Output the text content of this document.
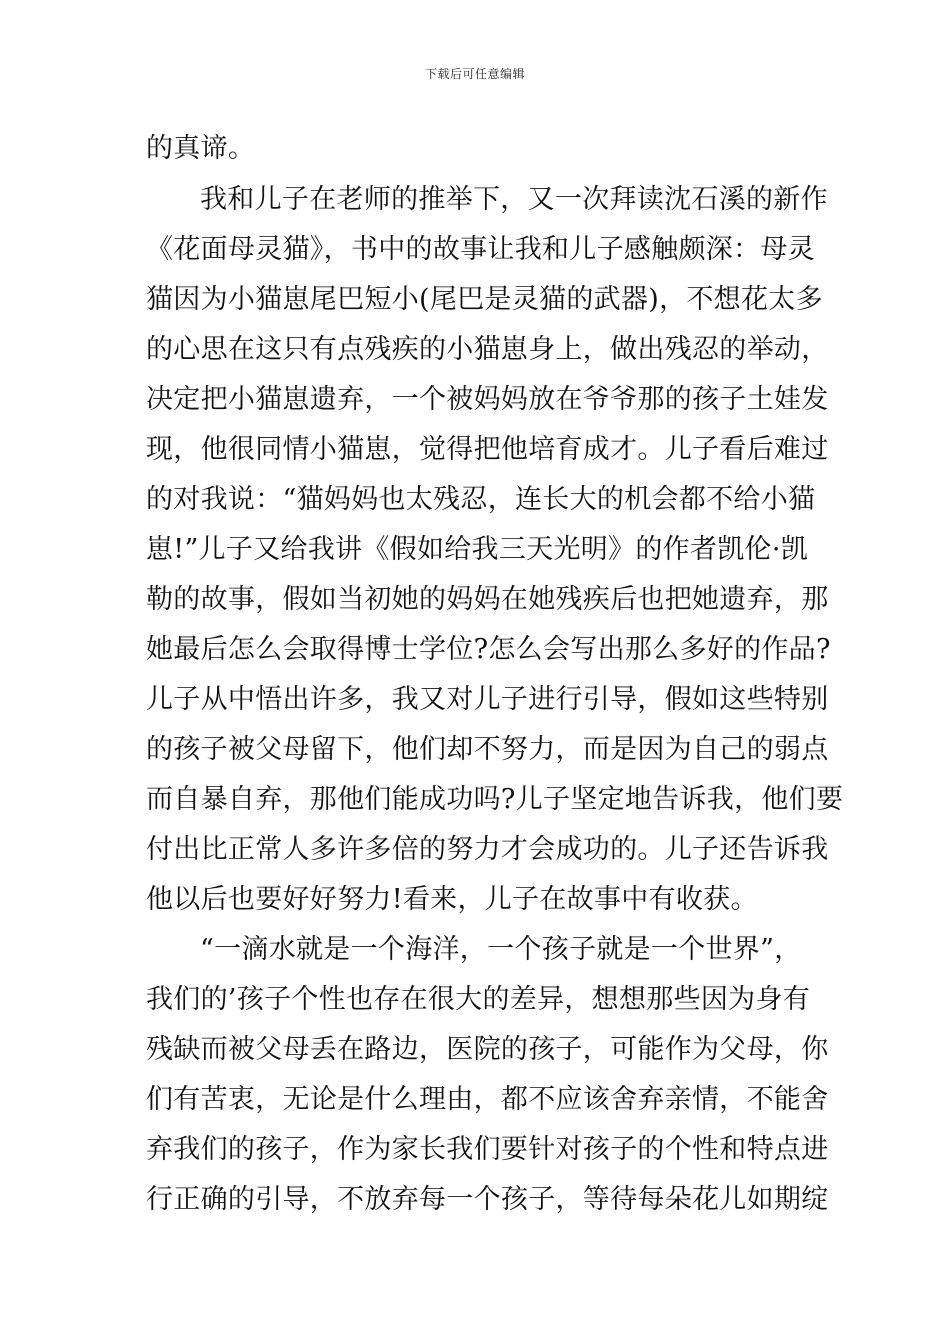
下载后可任意编辑
的真谛。
我和儿子在老师的推举下，又一次拜读沈石溪的新作
《花面母灵猫》，书中的故事让我和儿子感触颇深：母灵
猫因为小猫崽尾巴短小(尾巴是灵猫的武器)，不想花太多
的心思在这只有点残疾的小猫崽身上，做出残忍的举动，
决定把小猫崽遗弃，一个被妈妈放在爷爷那的孩子土娃发
现，他很同情小猫崽，觉得把他培育成才。儿子看后难过
的对我说：“猫妈妈也太残忍，连长大的机会都不给小猫
崽!”儿子又给我讲《假如给我三天光明》的作者凯伦·凯
勒的故事，假如当初她的妈妈在她残疾后也把她遗弃，那
她最后怎么会取得博士学位?怎么会写出那么多好的作品?
儿子从中悟出许多，我又对儿子进行引导，假如这些特别
的孩子被父母留下，他们却不努力，而是因为自己的弱点
而自暴自弃，那他们能成功吗?儿子坚定地告诉我，他们要
付出比正常人多许多倍的努力才会成功的。儿子还告诉我
他以后也要好好努力!看来，儿子在故事中有收获。
“一滴水就是一个海洋，一个孩子就是一个世界”，
我们的’孩子个性也存在很大的差异，想想那些因为身有
残缺而被父母丢在路边，医院的孩子，可能作为父母，你
们有苦衷，无论是什么理由，都不应该舍弃亲情，不能舍
弃我们的孩子，作为家长我们要针对孩子的个性和特点进
行正确的引导，不放弃每一个孩子，等待每朵花儿如期绽
